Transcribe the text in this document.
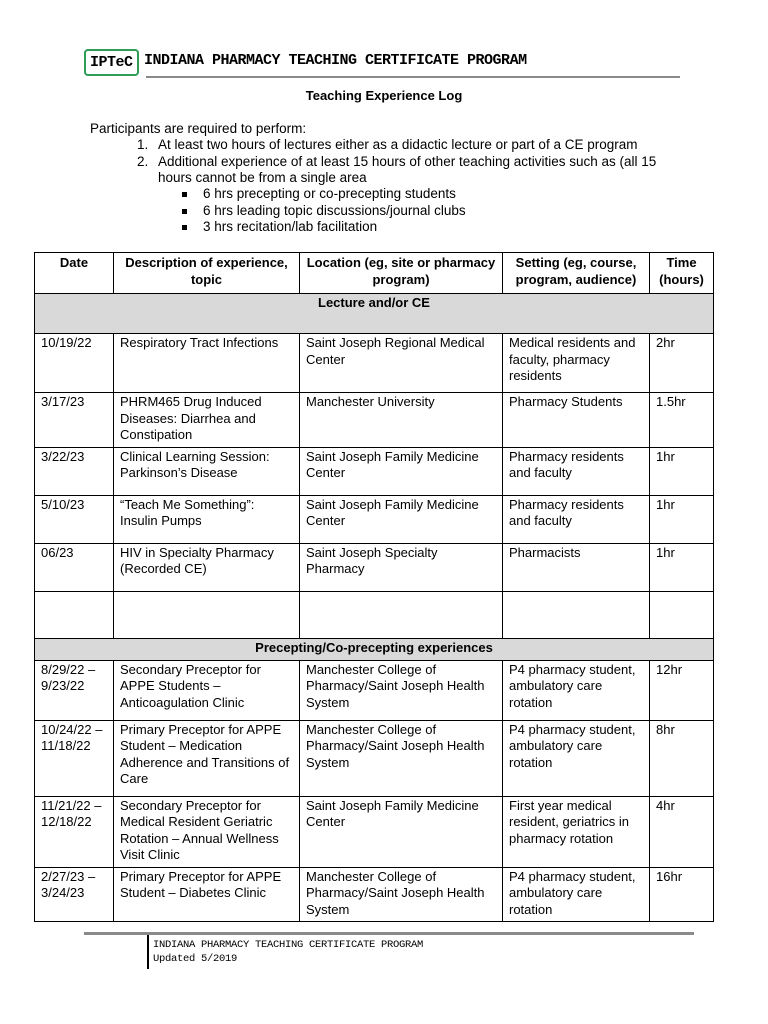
IPTeC INDIANA PHARMACY TEACHING CERTIFICATE PROGRAM
Teaching Experience Log
Participants are required to perform:
1. At least two hours of lectures either as a didactic lecture or part of a CE program
2. Additional experience of at least 15 hours of other teaching activities such as (all 15 hours cannot be from a single area
6 hrs precepting or co-precepting students
6 hrs leading topic discussions/journal clubs
3 hrs recitation/lab facilitation
Date	Description of experience, topic	Location (eg, site or pharmacy program)	Setting (eg, course, program, audience)	Time (hours)
Lecture and/or CE				
10/19/22	Respiratory Tract Infections	Saint Joseph Regional Medical Center	Medical residents and faculty, pharmacy residents	2hr
3/17/23	PHRM465 Drug Induced Diseases: Diarrhea and Constipation	Manchester University	Pharmacy Students	1.5hr
3/22/23	Clinical Learning Session: Parkinson’s Disease	Saint Joseph Family Medicine Center	Pharmacy residents and faculty	1hr
5/10/23	“Teach Me Something”: Insulin Pumps	Saint Joseph Family Medicine Center	Pharmacy residents and faculty	1hr
06/23	HIV in Specialty Pharmacy (Recorded CE)	Saint Joseph Specialty Pharmacy	Pharmacists	1hr

Precepting/Co-precepting experiences				
8/29/22 – 9/23/22	Secondary Preceptor for APPE Students – Anticoagulation Clinic	Manchester College of Pharmacy/Saint Joseph Health System	P4 pharmacy student, ambulatory care rotation	12hr
10/24/22 – 11/18/22	Primary Preceptor for APPE Student – Medication Adherence and Transitions of Care	Manchester College of Pharmacy/Saint Joseph Health System	P4 pharmacy student, ambulatory care rotation	8hr
11/21/22 – 12/18/22	Secondary Preceptor for Medical Resident Geriatric Rotation – Annual Wellness Visit Clinic	Saint Joseph Family Medicine Center	First year medical resident, geriatrics in pharmacy rotation	4hr
2/27/23 – 3/24/23	Primary Preceptor for APPE Student – Diabetes Clinic	Manchester College of Pharmacy/Saint Joseph Health System	P4 pharmacy student, ambulatory care rotation	16hr
INDIANA PHARMACY TEACHING CERTIFICATE PROGRAM
Updated 5/2019
